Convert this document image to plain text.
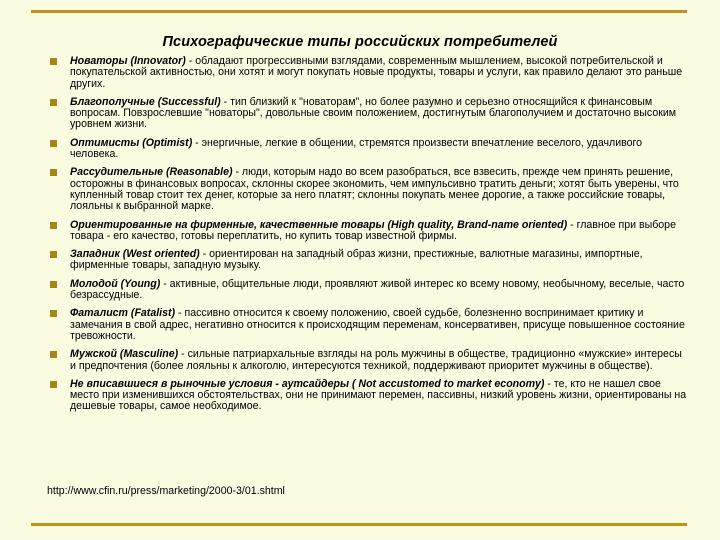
Психографические типы российских потребителей
Новаторы (Innovator) - обладают прогрессивными взглядами, современным мышлением, высокой потребительской и покупательской активностью, они хотят и могут покупать новые продукты, товары и услуги, как правило делают это раньше других.
Благополучные (Successful) - тип близкий к "новаторам", но более разумно и серьезно относящийся к финансовым вопросам. Повзрослевшие "новаторы", довольные своим положением, достигнутым благополучием и достаточно высоким уровнем жизни.
Оптимисты (Optimist) - энергичные, легкие в общении, стремятся произвести впечатление веселого, удачливого человека.
Рассудительные (Reasonable) - люди, которым надо во всем разобраться, все взвесить, прежде чем принять решение, осторожны в финансовых вопросах, склонны скорее экономить, чем импульсивно тратить деньги; хотят быть уверены, что купленный товар стоит тех денег, которые за него платят; склонны покупать менее дорогие, а также российские товары, лояльны к выбранной марке.
Ориентированные на фирменные, качественные товары (High quality, Brand-name oriented) - главное при выборе товара - его качество, готовы переплатить, но купить товар известной фирмы.
Западник (West oriented) - ориентирован на западный образ жизни, престижные, валютные магазины, импортные, фирменные товары, западную музыку.
Молодой (Young) - активные, общительные люди, проявляют живой интерес ко всему новому, необычному, веселые, часто безрассудные.
Фаталист (Fatalist) - пассивно относится к своему положению, своей судьбе, болезненно воспринимает критику и замечания в свой адрес, негативно относится к происходящим переменам, консервативен, присуще повышенное состояние тревожности.
Мужской (Masculine) - сильные патриархальные взгляды на роль мужчины в обществе, традиционно «мужские» интересы и предпочтения (более лояльны к алкоголю, интересуются техникой, поддерживают приоритет мужчины в обществе).
Не вписавшиеся в рыночные условия - аутсайдеры ( Not accustomed to market economy) - те, кто не нашел свое место при изменившихся обстоятельствах, они не принимают перемен, пассивны, низкий уровень жизни, ориентированы на дешевые товары, самое необходимое.
http://www.cfin.ru/press/marketing/2000-3/01.shtml
